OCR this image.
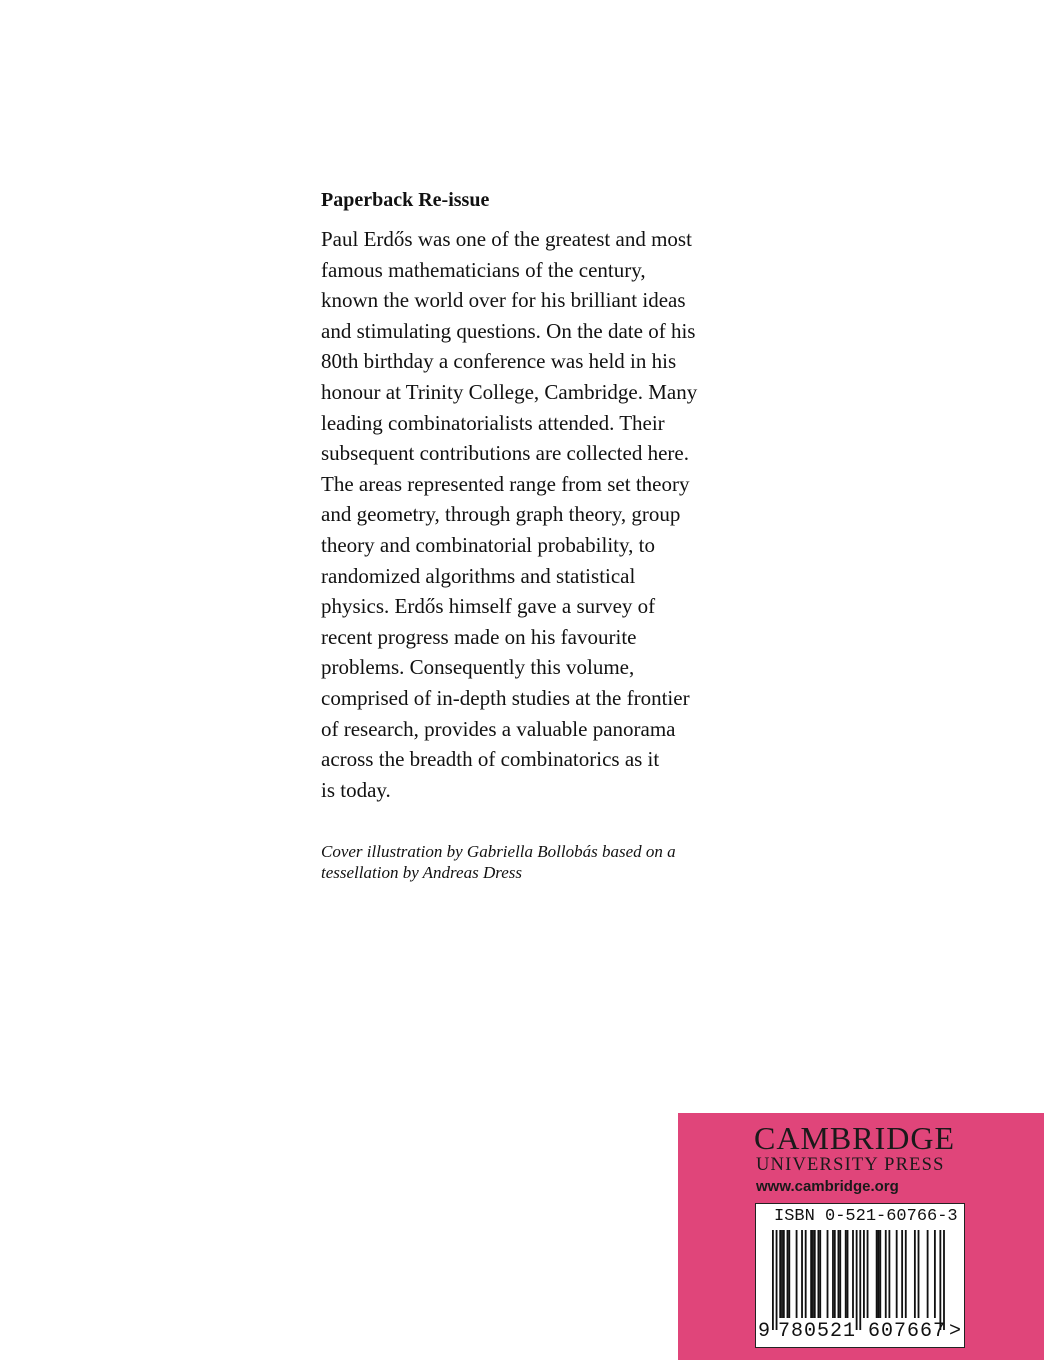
Paperback Re-issue
Paul Erdős was one of the greatest and most
famous mathematicians of the century,
known the world over for his brilliant ideas
and stimulating questions. On the date of his
80th birthday a conference was held in his
honour at Trinity College, Cambridge. Many
leading combinatorialists attended. Their
subsequent contributions are collected here.
The areas represented range from set theory
and geometry, through graph theory, group
theory and combinatorial probability, to
randomized algorithms and statistical
physics. Erdős himself gave a survey of
recent progress made on his favourite
problems. Consequently this volume,
comprised of in-depth studies at the frontier
of research, provides a valuable panorama
across the breadth of combinatorics as it
is today.
Cover illustration by Gabriella Bollobás based on a
tessellation by Andreas Dress
CAMBRIDGE
UNIVERSITY PRESS
www.cambridge.org
ISBN 0-521-60766-3
9 780521 607667 >
